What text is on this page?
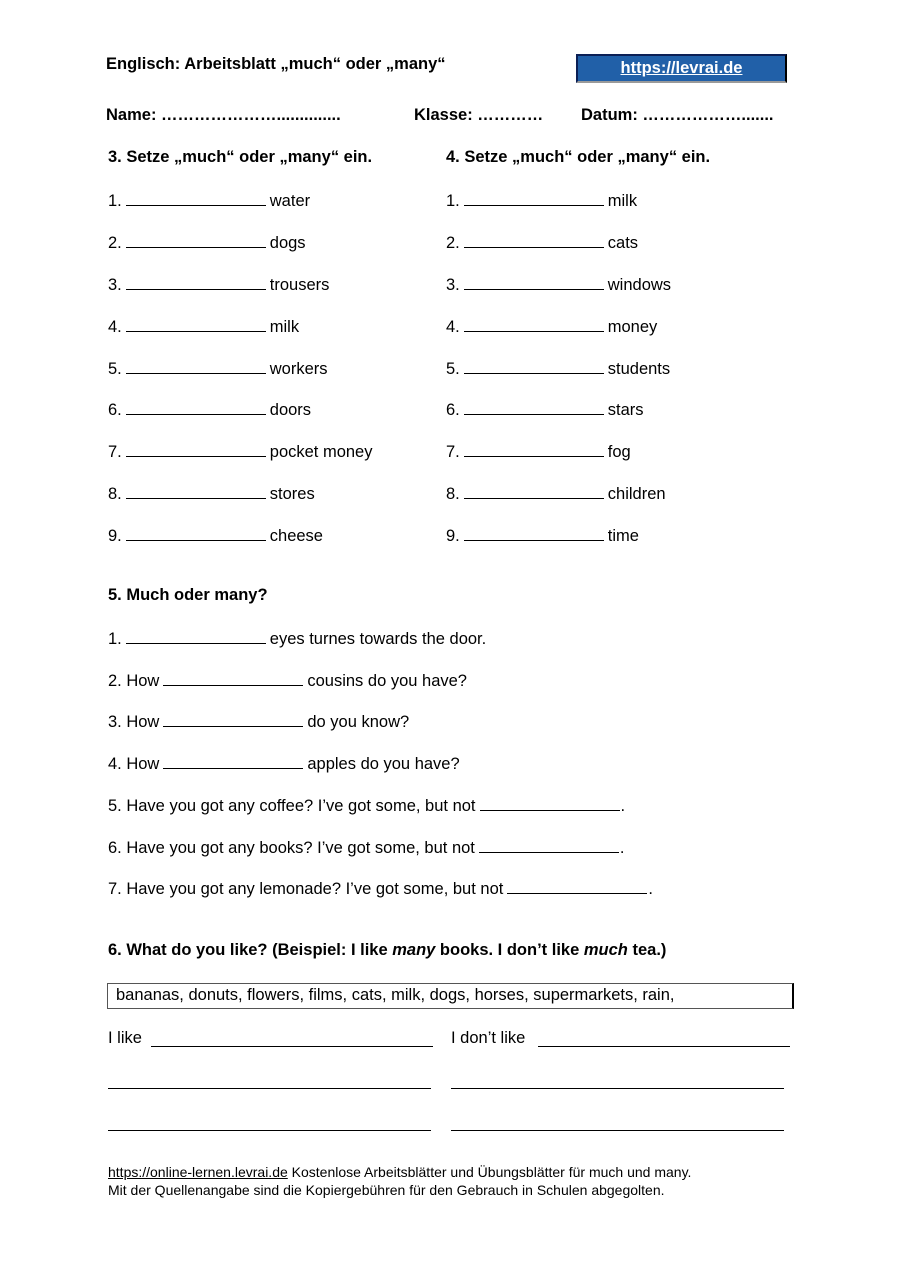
Englisch: Arbeitsblatt „much“ oder „many“	https://levrai.de
Name: …………………..............	Klasse: ………… Datum: ……………….......
3. Setze „much“ oder „many“ ein.
1.	water
2.	dogs
3.	trousers
4.	milk
5.	workers
6.	doors
7.	pocket money
8.	stores
9.	cheese
4. Setze „much“ oder „many“ ein.
1.	milk
2.	cats
3.	windows
4.	money
5.	students
6.	stars
7.	fog
8.	children
9.	time
5. Much oder many?
1.	eyes turnes towards the door.
2. How	cousins do you have?
3. How	do you know?
4. How	apples do you have?
5. Have you got any coffee? I’ve got some, but not	.
6. Have you got any books? I’ve got some, but not	.
7. Have you got any lemonade? I’ve got some, but not	.
6. What do you like? (Beispiel: I like many books. I don’t like much tea.)
bananas, donuts, flowers, films, cats, milk, dogs, horses, supermarkets, rain,
I like	I don’t like
https://online-lernen.levrai.de Kostenlose Arbeitsblätter und Übungsblätter für much und many.
Mit der Quellenangabe sind die Kopiergebühren für den Gebrauch in Schulen abgegolten.
